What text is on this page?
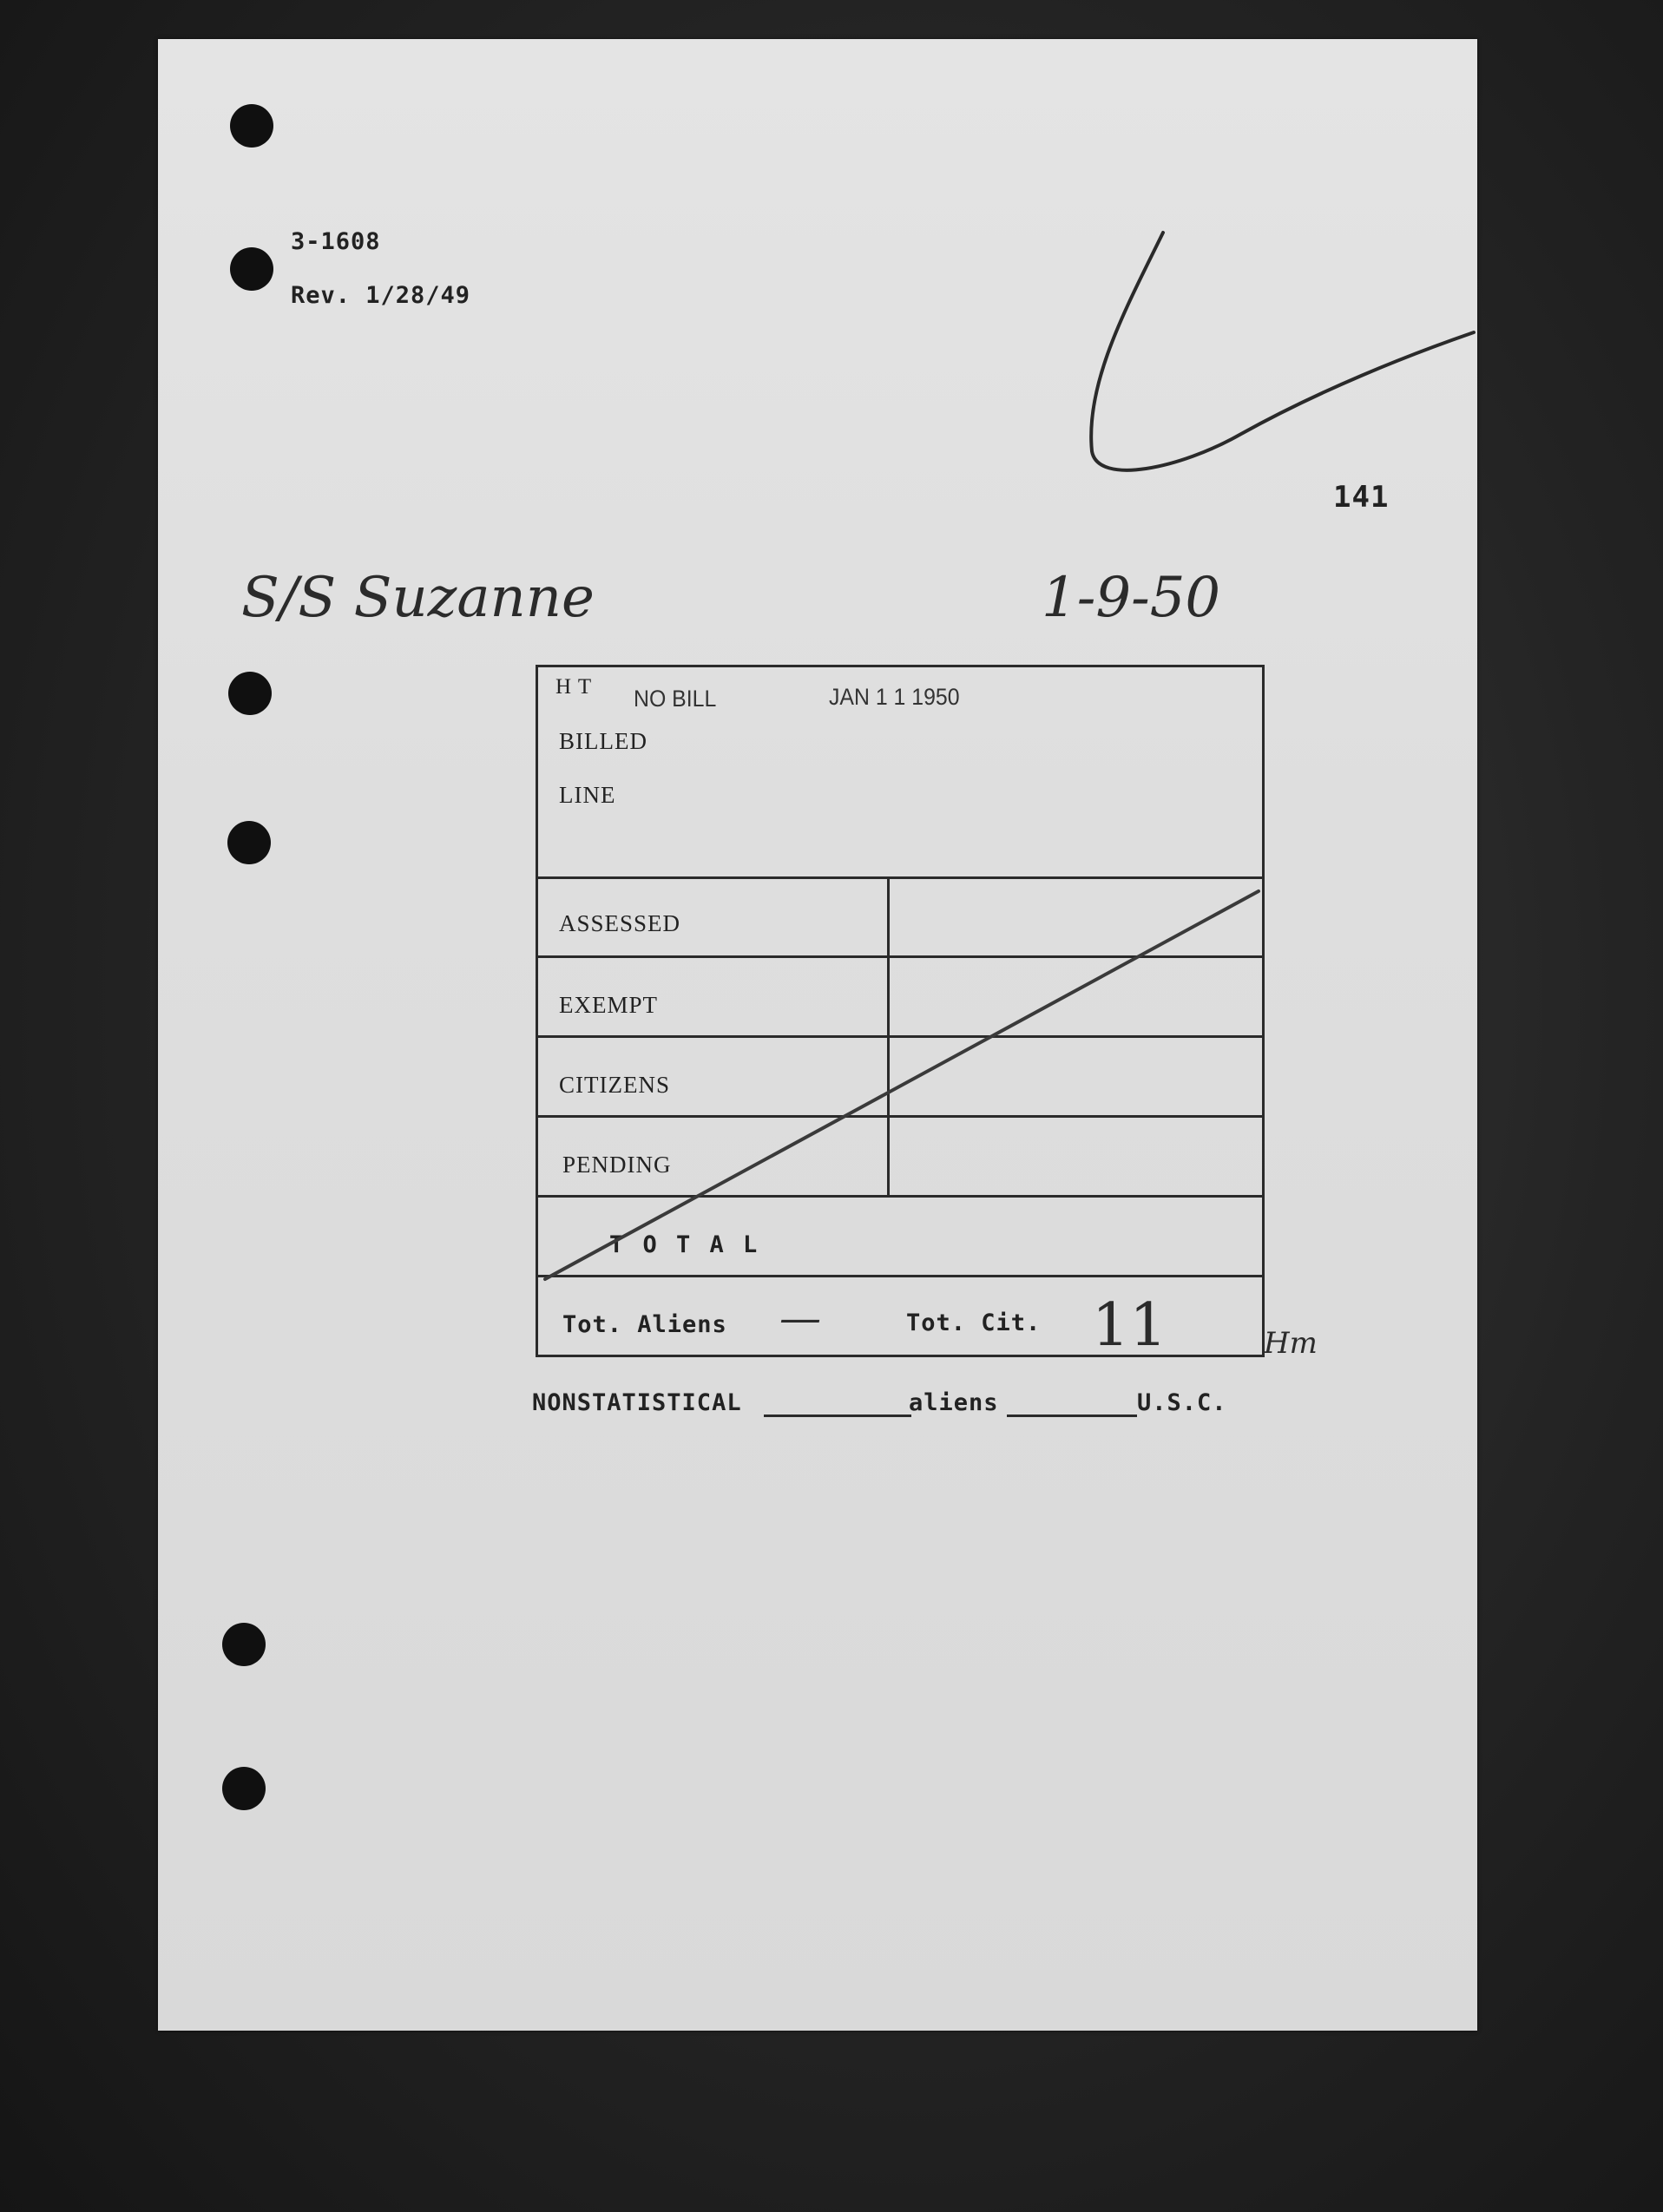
3-1608
Rev. 1/28/49
141
S/S Suzanne	1-9-50
H T NO BILL	JAN 1 1 1950
BILLED
LINE
ASSESSED
EXEMPT
CITIZENS
PENDING
T O T A L
Tot. Aliens —	Tot. Cit. 11	Hm
NONSTATISTICAL	aliens	U.S.C.
